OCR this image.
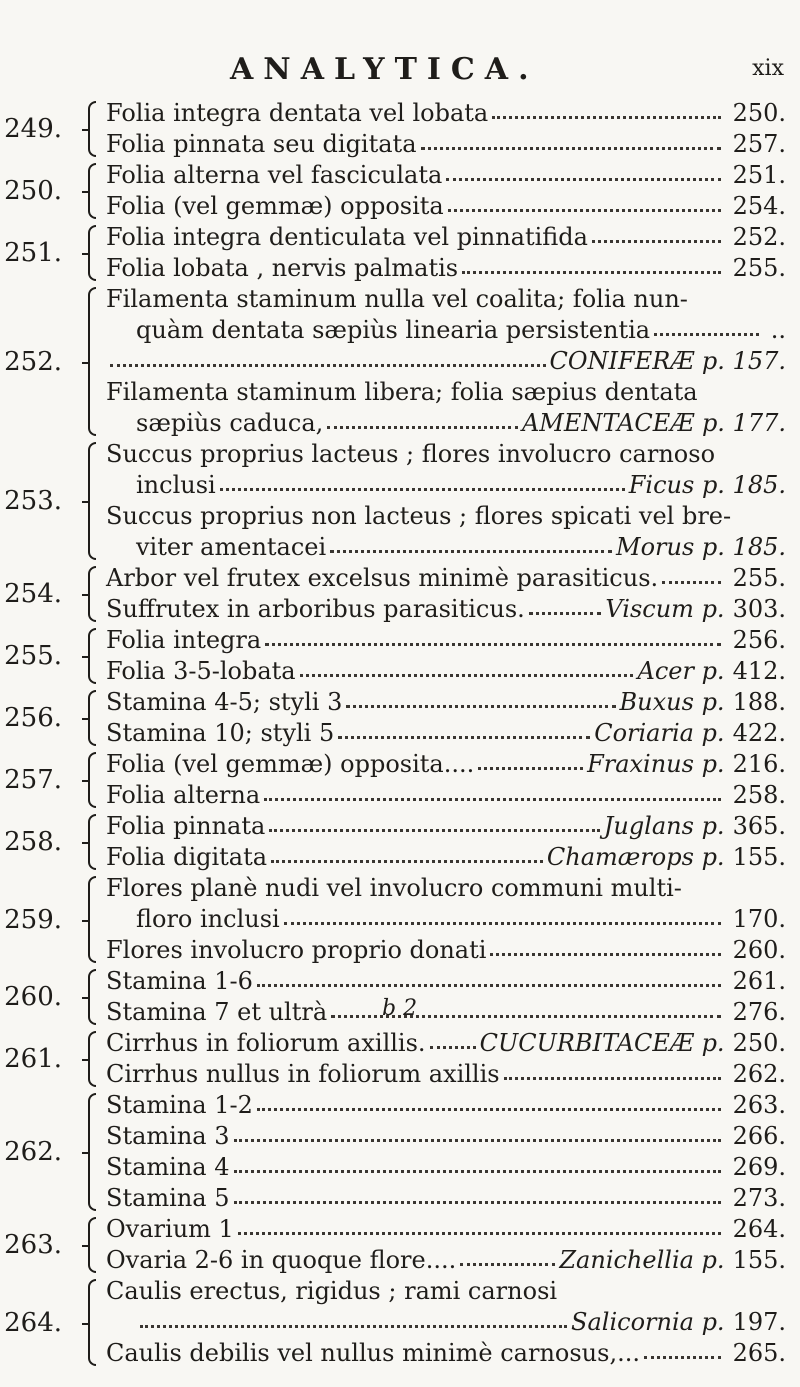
ANALYTICA.	xix
249.
Folia integra dentata vel lobata	250.
Folia pinnata seu digitata	257.
250.
Folia alterna vel fasciculata	251.
Folia (vel gemmæ) opposita	254.
251.
Folia integra denticulata vel pinnatifida	252.
Folia lobata , nervis palmatis	255.
252.
Filamenta staminum nulla vel coalita; folia nun-
quàm dentata sæpiùs linearia persistentia	..
CONIFERÆ p. 157.
Filamenta staminum libera; folia sæpius dentata
sæpiùs caduca,	AMENTACEÆ p. 177.
253.
Succus proprius lacteus ; flores involucro carnoso
inclusi	Ficus p. 185.
Succus proprius non lacteus ; flores spicati vel bre-
viter amentacei	Morus p. 185.
254.
Arbor vel frutex excelsus minimè parasiticus.	255.
Suffrutex in arboribus parasiticus.	Viscum p. 303.
255.
Folia integra	256.
Folia 3-5-lobata	Acer p. 412.
256.
Stamina 4-5; styli 3	Buxus p. 188.
Stamina 10; styli 5	Coriaria p. 422.
257.
Folia (vel gemmæ) opposita....	Fraxinus p. 216.
Folia alterna	258.
258.
Folia pinnata	Juglans p. 365.
Folia digitata	Chamærops p. 155.
259.
Flores planè nudi vel involucro communi multi-
floro inclusi	170.
Flores involucro proprio donati	260.
260.
Stamina 1-6	261.
Stamina 7 et ultrà	276.
261.
Cirrhus in foliorum axillis. CUCURBITACEÆ p. 250.
Cirrhus nullus in foliorum axillis	262.
262.
Stamina 1-2	263.
Stamina 3	266.
Stamina 4	269.
Stamina 5	273.
263.
Ovarium 1	264.
Ovaria 2-6 in quoque flore....	Zanichellia p. 155.
264.
Caulis erectus, rigidus ; rami carnosi
Salicornia p. 197.
Caulis debilis vel nullus minimè carnosus,...	265.
b 2
